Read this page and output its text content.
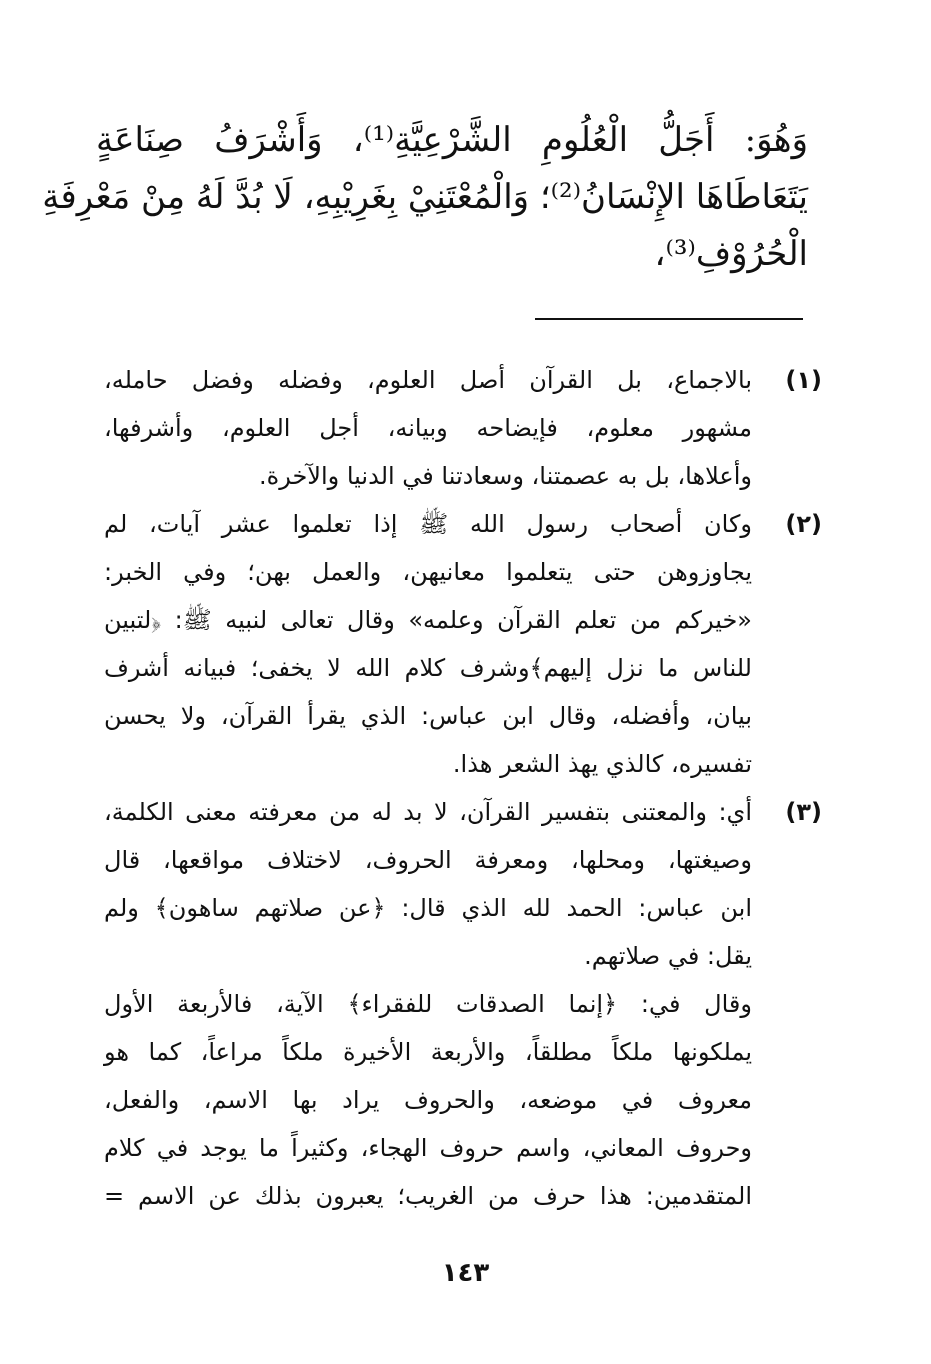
وَهُوَ: أَجَلُّ الْعُلُومِ الشَّرْعِيَّةِ⁽¹⁾، وَأَشْرَفُ صِنَاعَةٍ
يَتَعَاطَاهَا الإِنْسَانُ⁽²⁾؛ وَالْمُعْتَنِيْ بِغَرِيْبِهِ، لَا بُدَّ لَهُ مِنْ مَعْرِفَةِ
الْحُرُوْفِ⁽³⁾،
(١)
بالاجماع، بل القرآن أصل العلوم، وفضله وفضل حامله،
مشهور معلوم، فإيضاحه وبيانه، أجل العلوم، وأشرفها،
وأعلاها، بل به عصمتنا، وسعادتنا في الدنيا والآخرة.
(٢)
وكان أصحاب رسول الله ﷺ إذا تعلموا عشر آيات، لم
يجاوزوهن حتى يتعلموا معانيهن، والعمل بهن؛ وفي الخبر:
«خيركم من تعلم القرآن وعلمه» وقال تعالى لنبيه ﷺ: ﴿لتبين
للناس ما نزل إليهم﴾وشرف كلام الله لا يخفى؛ فبيانه أشرف
بيان، وأفضله، وقال ابن عباس: الذي يقرأ القرآن، ولا يحسن
تفسيره، كالذي يهذ الشعر هذا.
(٣)
أي: والمعتنى بتفسير القرآن، لا بد له من معرفته معنى الكلمة،
وصيغتها، ومحلها، ومعرفة الحروف، لاختلاف مواقعها، قال
ابن عباس: الحمد لله الذي قال: ﴿عن صلاتهم ساهون﴾ ولم
يقل: في صلاتهم.
وقال في: ﴿إنما الصدقات للفقراء﴾ الآية، فالأربعة الأول
يملكونها ملكاً مطلقاً، والأربعة الأخيرة ملكاً مراعاً، كما هو
معروف في موضعه، والحروف يراد بها الاسم، والفعل،
وحروف المعاني، واسم حروف الهجاء، وكثيراً ما يوجد في كلام
المتقدمين: هذا حرف من الغريب؛ يعبرون بذلك عن الاسم =
١٤٣
